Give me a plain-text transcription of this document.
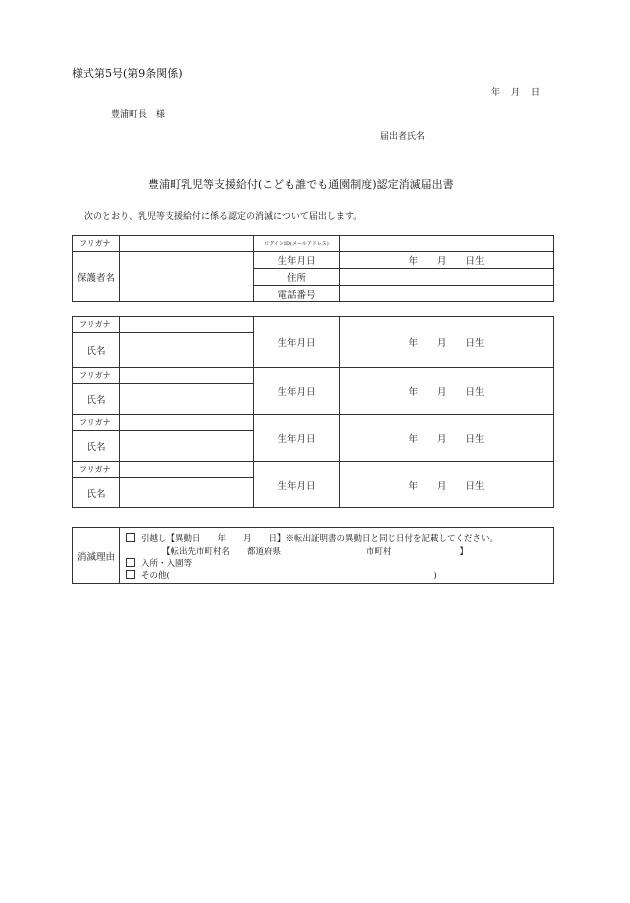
様式第5号(第9条関係)
年 月 日
豊浦町長　様
届出者氏名
豊浦町乳児等支援給付(こども誰でも通園制度)認定消滅届出書
次のとおり、乳児等支援給付に係る認定の消滅について届出します。
フリガナ		ログインID(メールアドレス)	
保護者名		生年月日	年　　月　　日生
		住所	
		電話番号	
フリガナ		生年月日	年　　月　　日生
氏名			
フリガナ		生年月日	年　　月　　日生
氏名			
フリガナ		生年月日	年　　月　　日生
氏名			
フリガナ		生年月日	年　　月　　日生
氏名			
消滅理由	
引越し【異動日　　年　　月　　日】※転出証明書の異動日と同じ日付を記載してください。
【転出先市町村名　　都道府県　　　　　　　　　　市町村　　　　　　　　】
入所・入園等
その他(　　　　　　　　　　　　　　　　　　　　　　　　　　　　　　　)
